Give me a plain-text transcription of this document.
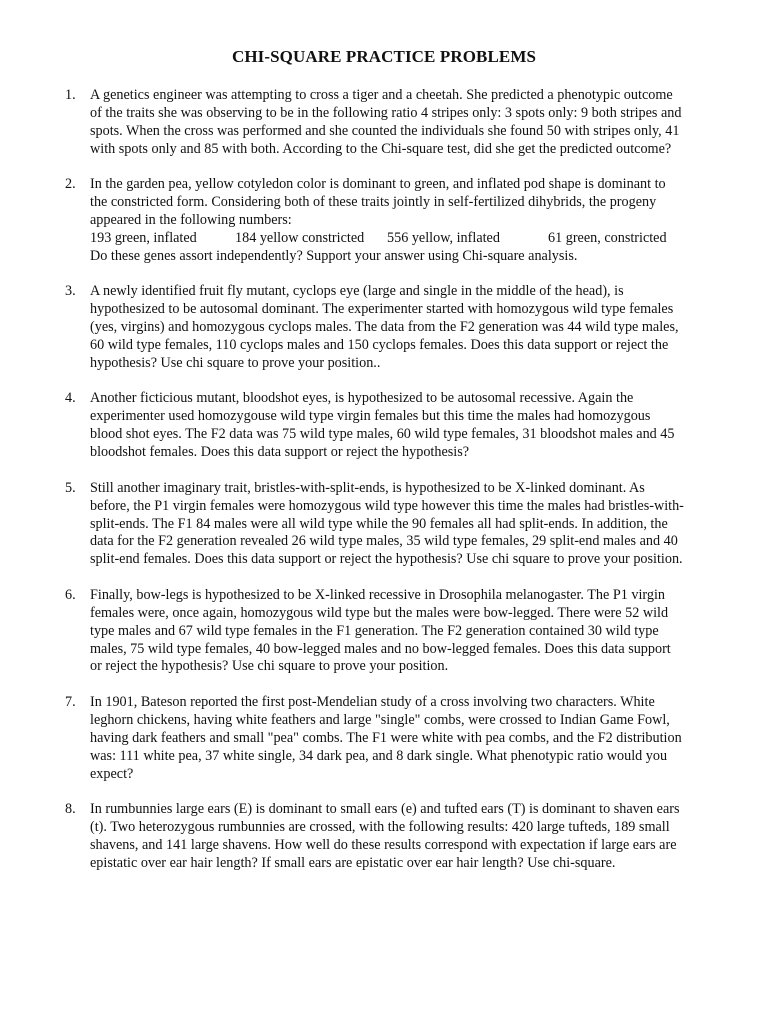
CHI-SQUARE PRACTICE PROBLEMS
1. A genetics engineer was attempting to cross a tiger and a cheetah. She predicted a phenotypic outcome
of the traits she was observing to be in the following ratio 4 stripes only: 3 spots only: 9 both stripes and
spots. When the cross was performed and she counted the individuals she found 50 with stripes only, 41
with spots only and 85 with both. According to the Chi-square test, did she get the predicted outcome?
2. In the garden pea, yellow cotyledon color is dominant to green, and inflated pod shape is dominant to
the constricted form. Considering both of these traits jointly in self-fertilized dihybrids, the progeny
appeared in the following numbers:
193 green, inflated	184 yellow constricted 556 yellow, inflated	61 green, constricted
Do these genes assort independently? Support your answer using Chi-square analysis.
3. A newly identified fruit fly mutant, cyclops eye (large and single in the middle of the head), is
hypothesized to be autosomal dominant. The experimenter started with homozygous wild type females
(yes, virgins) and homozygous cyclops males. The data from the F2 generation was 44 wild type males,
60 wild type females, 110 cyclops males and 150 cyclops females. Does this data support or reject the
hypothesis? Use chi square to prove your position..
4. Another ficticious mutant, bloodshot eyes, is hypothesized to be autosomal recessive. Again the
experimenter used homozygouse wild type virgin females but this time the males had homozygous
blood shot eyes. The F2 data was 75 wild type males, 60 wild type females, 31 bloodshot males and 45
bloodshot females. Does this data support or reject the hypothesis?
5. Still another imaginary trait, bristles-with-split-ends, is hypothesized to be X-linked dominant. As
before, the P1 virgin females were homozygous wild type however this time the males had bristles-with-
split-ends. The F1 84 males were all wild type while the 90 females all had split-ends. In addition, the
data for the F2 generation revealed 26 wild type males, 35 wild type females, 29 split-end males and 40
split-end females. Does this data support or reject the hypothesis? Use chi square to prove your position.
6. Finally, bow-legs is hypothesized to be X-linked recessive in Drosophila melanogaster. The P1 virgin
females were, once again, homozygous wild type but the males were bow-legged. There were 52 wild
type males and 67 wild type females in the F1 generation. The F2 generation contained 30 wild type
males, 75 wild type females, 40 bow-legged males and no bow-legged females. Does this data support
or reject the hypothesis? Use chi square to prove your position.
7. In 1901, Bateson reported the first post-Mendelian study of a cross involving two characters. White
leghorn chickens, having white feathers and large "single" combs, were crossed to Indian Game Fowl,
having dark feathers and small "pea" combs. The F1 were white with pea combs, and the F2 distribution
was: 111 white pea, 37 white single, 34 dark pea, and 8 dark single. What phenotypic ratio would you
expect?
8. In rumbunnies large ears (E) is dominant to small ears (e) and tufted ears (T) is dominant to shaven ears
(t). Two heterozygous rumbunnies are crossed, with the following results: 420 large tufteds, 189 small
shavens, and 141 large shavens. How well do these results correspond with expectation if large ears are
epistatic over ear hair length? If small ears are epistatic over ear hair length? Use chi-square.
